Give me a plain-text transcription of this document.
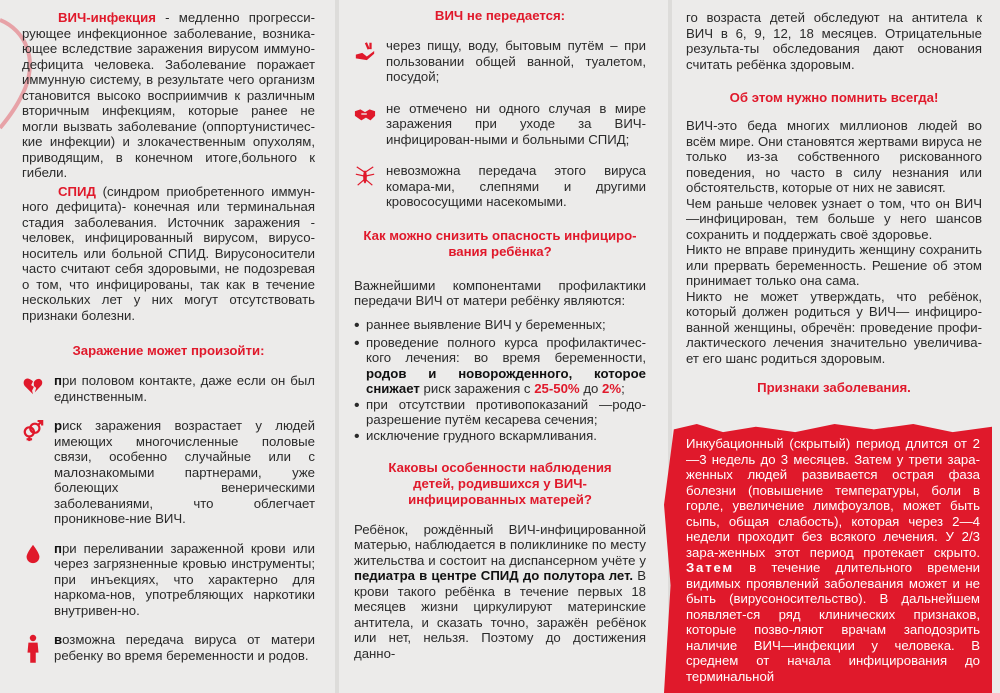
ВИЧ-инфекция - медленно прогресси-рующее инфекционное заболевание, возника-ющее вследствие заражения вирусом иммуно-дефицита человека. Заболевание поражает иммунную систему, в результате чего организм становится высоко восприимчив к различным вторичным инфекциям, которые ранее не могли вызвать заболевание (оппортунистичес-кие инфекции) и злокачественным опухолям, приводящим, в конечном итоге,больного к гибели.

СПИД (синдром приобретенного иммун-ного дефицита)- конечная или терминальная стадия заболевания. Источник заражения - человек, инфицированный вирусом, вирусо-носитель или больной СПИД. Вирусоносители часто считают себя здоровыми, не подозревая о том, что инфицированы, так как в течение нескольких лет у них могут отсутствовать признаки болезни.

Заражение может произойти:

при половом контакте, даже если он был единственным.

риск заражения возрастает у людей имеющих многочисленные половые связи, особенно случайные или с малознакомыми партнерами, уже болеющих венерическими заболеваниями, что облегчает проникнове-ние ВИЧ.

при переливании зараженной крови или через загрязненные кровью инструменты; при инъекциях, что характерно для наркома-нов, употребляющих наркотики внутривен-но.

возможна передача вируса от матери ребенку во время беременности и родов.

ВИЧ не передается:

через пищу, воду, бытовым путём – при пользовании общей ванной, туалетом, посудой;

не отмечено ни одного случая в мире заражения при уходе за ВИЧ- инфицирован-ными и больными СПИД;

невозможна передача этого вируса комара-ми, слепнями и другими кровососущими насекомыми.

Как можно снизить опасность инфициро-вания ребёнка?

Важнейшими компонентами профилактики передачи ВИЧ от матери ребёнку являются:

• раннее выявление ВИЧ у беременных;

• проведение полного курса профилактичес-кого лечения: во время беременности, родов и новорожденного, которое снижает риск заражения с 25-50% до 2%;

• при отсутствии противопоказаний —родо-разрешение путём кесарева сечения;

• исключение грудного вскармливания.

Каковы особенности наблюдения детей, родившихся у ВИЧ-инфицированных матерей?

Ребёнок, рождённый ВИЧ-инфицированной матерью, наблюдается в поликлинике по месту жительства и состоит на диспансерном учёте у педиатра в центре СПИД до полутора лет. В крови такого ребёнка в течение первых 18 месяцев жизни циркулируют материнские антитела, и сказать точно, заражён ребёнок или нет, нельзя. Поэтому до достижения данно-

го возраста детей обследуют на антитела к ВИЧ в 6, 9, 12, 18 месяцев. Отрицательные результа-ты обследования дают основания считать ребёнка здоровым.

Об этом нужно помнить всегда!

ВИЧ-это беда многих миллионов людей во всём мире. Они становятся жертвами вируса не только из-за собственного рискованного поведения, но часто в силу незнания или обстоятельств, которые от них не зависят.

Чем раньше человек узнает о том, что он ВИЧ—инфицирован, тем больше у него шансов сохранить и поддержать своё здоровье.

Никто не вправе принудить женщину сохранить или прервать беременность. Решение об этом принимает только она сама.

Никто не может утверждать, что ребёнок, который должен родиться у ВИЧ— инфициро-ванной женщины, обречён: проведение профи-лактического лечения значительно увеличива-ет его шанс родиться здоровым.

Признаки заболевания.

Инкубационный (скрытый) период длится от 2—3 недель до 3 месяцев. Затем у трети зара-женных людей развивается острая фаза болезни (повышение температуры, боли в горле, увеличение лимфоузлов, может быть сыпь, общая слабость), которая через 2—4 недели проходит без всякого лечения. У 2/3 зара-женных этот период протекает скрыто. Затем в течение длительного времени видимых проявлений заболевания может и не быть (вирусоносительство). В дальнейшем появляет-ся ряд клинических признаков, которые позво-ляют врачам заподозрить наличие ВИЧ—инфекции у человека. В среднем от начала инфицирования до терминальной
